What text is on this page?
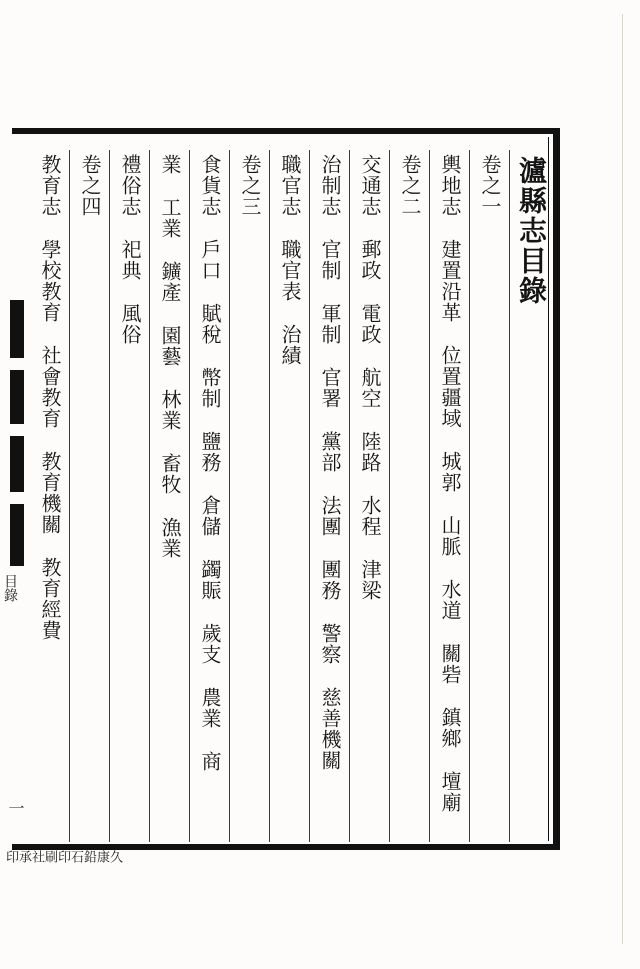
目錄
一
久康鉛石印刷社承印
瀘縣志目錄
卷之一
輿地志建置沿革位置疆域城郭山脈水道關砦鎮鄉壇廟
卷之二
交通志郵政電政航空陸路水程津梁
治制志官制軍制官署黨部法團團務警察慈善機關
職官志職官表治績
卷之三
食貨志戶口賦稅幣制鹽務倉儲蠲賑歲支農業商
業工業鑛產園藝林業畜牧漁業
禮俗志祀典風俗
卷之四
教育志學校教育社會教育教育機關教育經費
